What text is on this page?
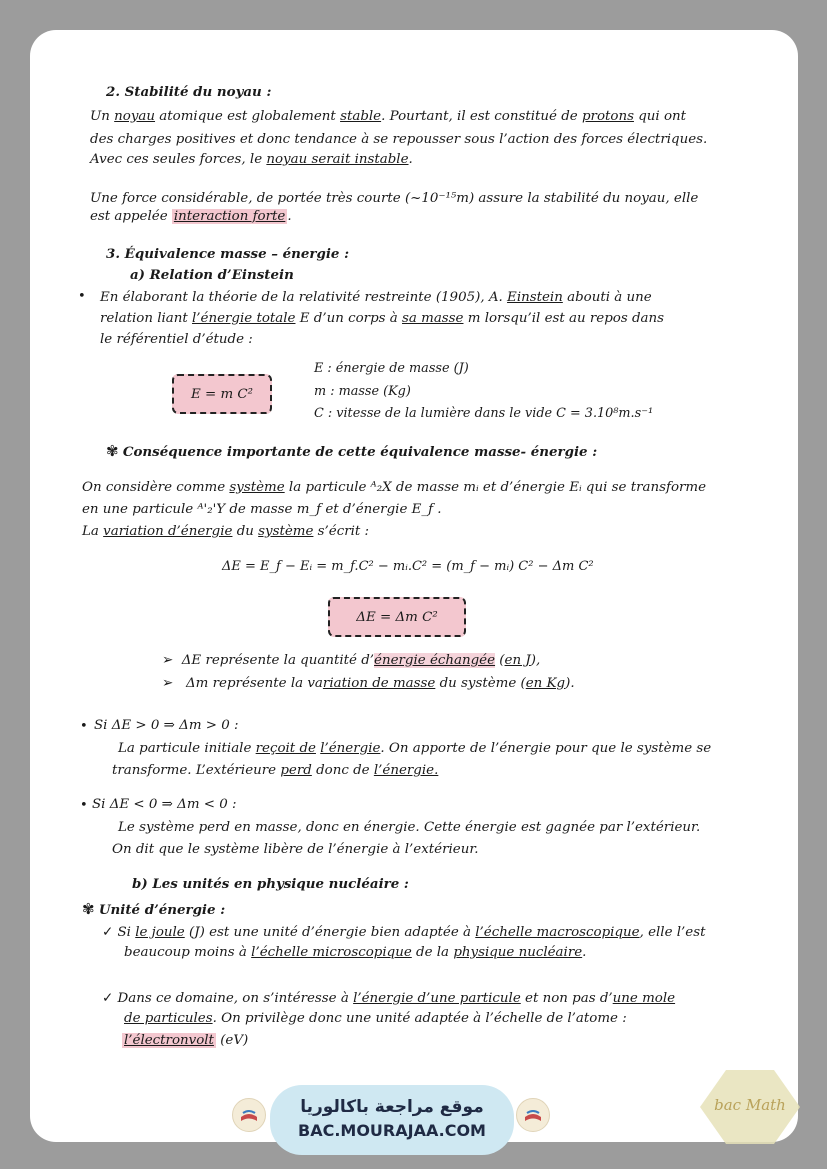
2. Stabilité du noyau :
Un noyau atomique est globalement stable. Pourtant, il est constitué de protons qui ont
des charges positives et donc tendance à se repousser sous l’action des forces électriques.
Avec ces seules forces, le noyau serait instable.
Une force considérable, de portée très courte (~10⁻¹⁵m) assure la stabilité du noyau, elle
est appelée interaction forte .
3. Équivalence masse – énergie :
a) Relation d’Einstein
• En élaborant la théorie de la relativité restreinte (1905), A. Einstein abouti à une
relation liant l’énergie totale E d’un corps à sa masse m lorsqu’il est au repos dans
le référentiel d’étude :
E = m C²
E : énergie de masse (J)
m : masse (Kg)
C : vitesse de la lumière dans le vide C = 3.10⁸m.s⁻¹
✾ Conséquence importante de cette équivalence masse- énergie :
On considère comme système la particule ᴬ₂X de masse mᵢ et d’énergie Eᵢ qui se transforme
en une particule ᴬ'₂'Y de masse m_f et d’énergie E_f .
La variation d’énergie du système s’écrit :
ΔE = E_f − Eᵢ = m_f.C² − mᵢ.C² = (m_f − mᵢ) C² − Δm C²
ΔE = Δm C²
➢ ΔE représente la quantité d’énergie échangée (en J),
➢ Δm représente la variation de masse du système (en Kg).
• Si ΔE > 0 ⇒ Δm > 0 :
La particule initiale reçoit de l’énergie. On apporte de l’énergie pour que le système se
transforme. L’extérieure perd donc de l’énergie.
• Si ΔE < 0 ⇒ Δm < 0 :
Le système perd en masse, donc en énergie. Cette énergie est gagnée par l’extérieur.
On dit que le système libère de l’énergie à l’extérieur.
b) Les unités en physique nucléaire :
✾ Unité d’énergie :
✓ Si le joule (J) est une unité d’énergie bien adaptée à l’échelle macroscopique, elle l’est
beaucoup moins à l’échelle microscopique de la physique nucléaire.
✓ Dans ce domaine, on s’intéresse à l’énergie d’une particule et non pas d’une mole
de particules. On privilège donc une unité adaptée à l’échelle de l’atome :
l’électronvolt (eV)
موقع مراجعة باكالوريا
BAC.MOURAJAA.COM
bac Math
